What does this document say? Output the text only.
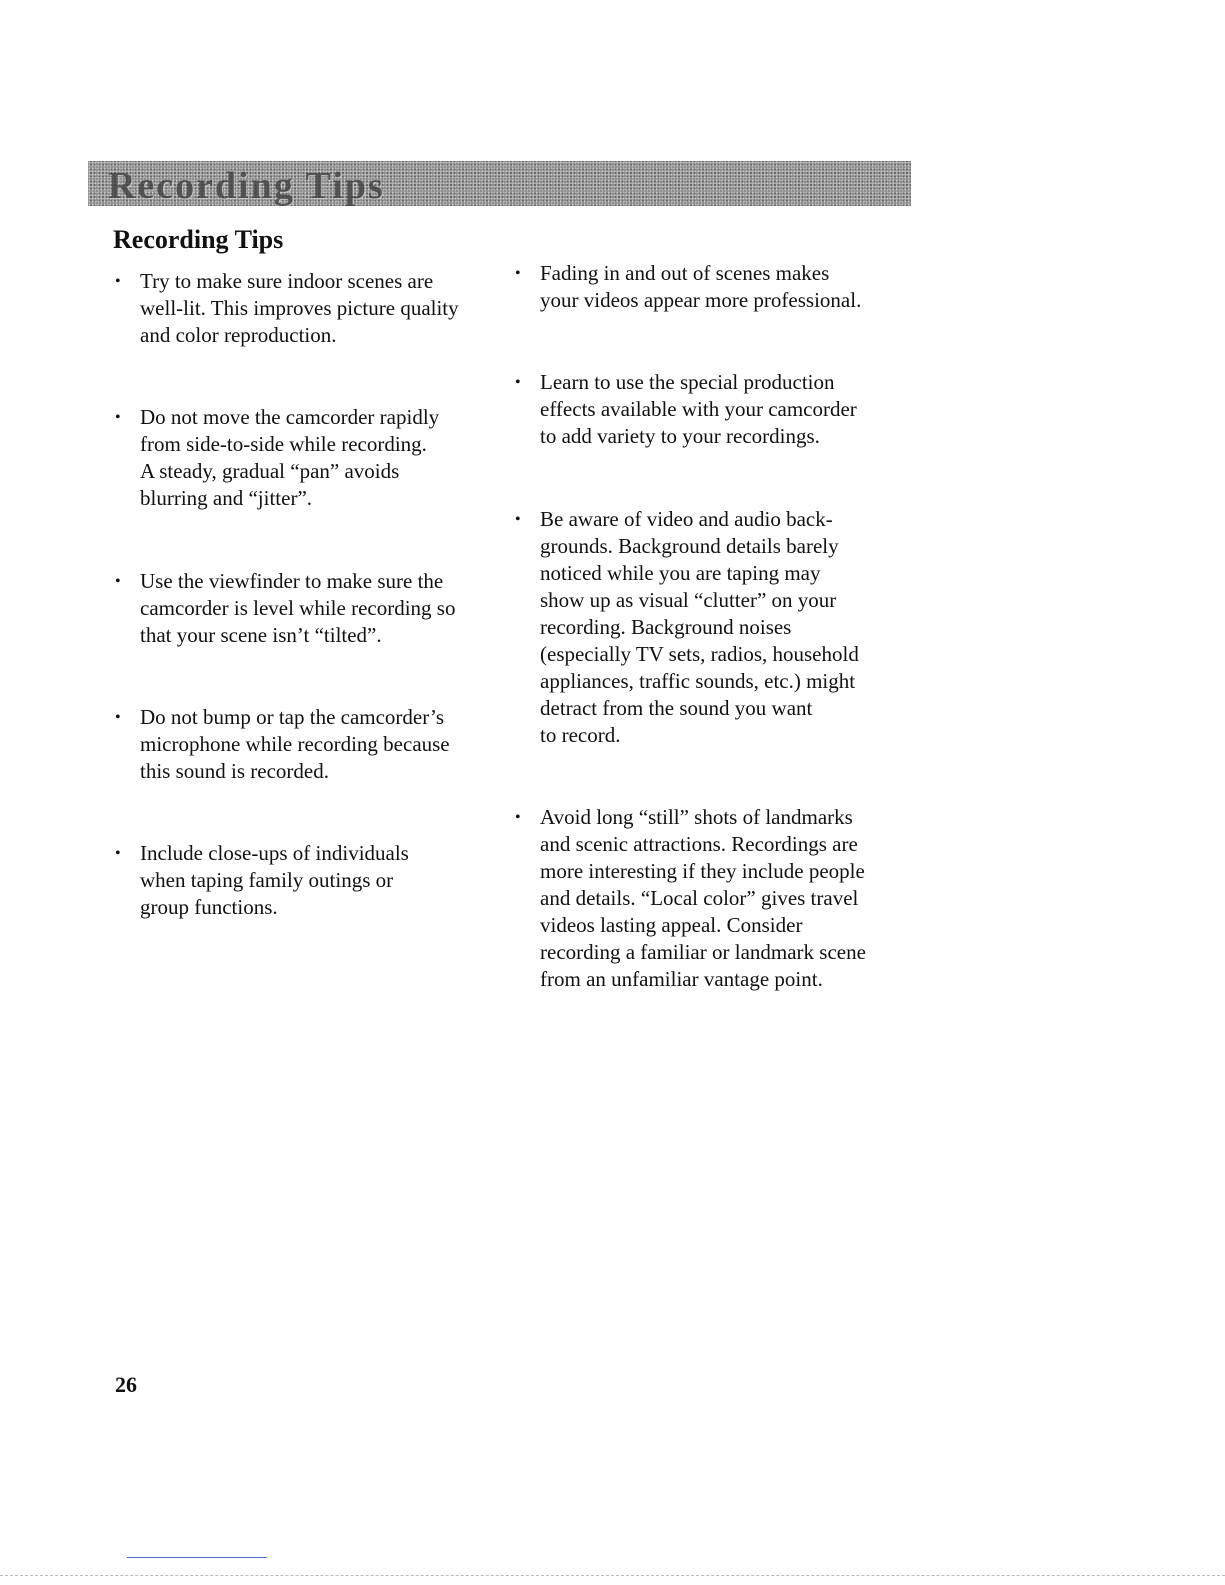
Recording Tips
Recording Tips
• Try to make sure indoor scenes are
well-lit. This improves picture quality
and color reproduction.
• Do not move the camcorder rapidly
from side-to-side while recording.
A steady, gradual “pan” avoids
blurring and “jitter”.
• Use the viewfinder to make sure the
camcorder is level while recording so
that your scene isn’t “tilted”.
• Do not bump or tap the camcorder’s
microphone while recording because
this sound is recorded.
• Include close-ups of individuals
when taping family outings or
group functions.
• Fading in and out of scenes makes
your videos appear more professional.
• Learn to use the special production
effects available with your camcorder
to add variety to your recordings.
• Be aware of video and audio back-
grounds. Background details barely
noticed while you are taping may
show up as visual “clutter” on your
recording. Background noises
(especially TV sets, radios, household
appliances, traffic sounds, etc.) might
detract from the sound you want
to record.
• Avoid long “still” shots of landmarks
and scenic attractions. Recordings are
more interesting if they include people
and details. “Local color” gives travel
videos lasting appeal. Consider
recording a familiar or landmark scene
from an unfamiliar vantage point.
26
